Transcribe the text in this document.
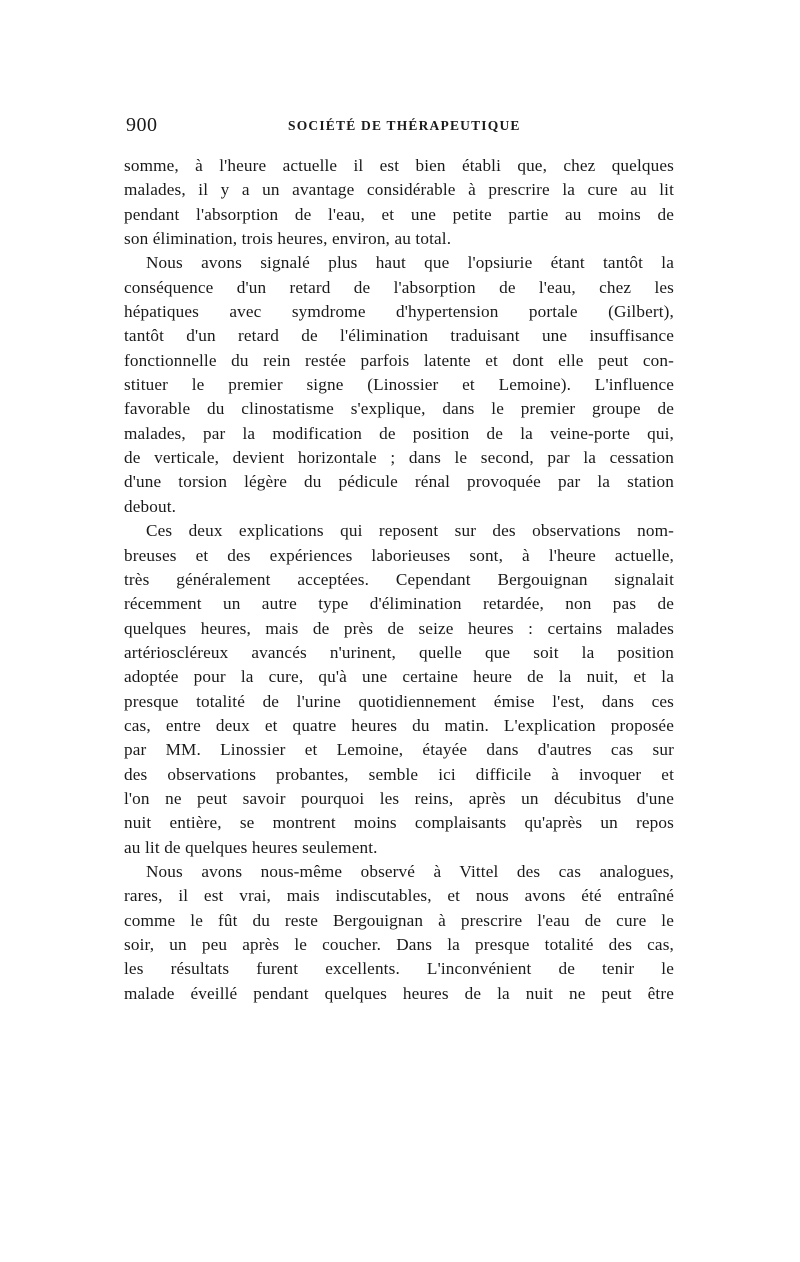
900	SOCIÉTÉ DE THÉRAPEUTIQUE
somme, à l'heure actuelle il est bien établi que, chez quelques
malades, il y a un avantage considérable à prescrire la cure au lit
pendant l'absorption de l'eau, et une petite partie au moins de
son élimination, trois heures, environ, au total.
Nous avons signalé plus haut que l'opsiurie étant tantôt la
conséquence d'un retard de l'absorption de l'eau, chez les
hépatiques avec symdrome d'hypertension portale (Gilbert),
tantôt d'un retard de l'élimination traduisant une insuffisance
fonctionnelle du rein restée parfois latente et dont elle peut con-
stituer le premier signe (Linossier et Lemoine). L'influence
favorable du clinostatisme s'explique, dans le premier groupe de
malades, par la modification de position de la veine-porte qui,
de verticale, devient horizontale ; dans le second, par la cessation
d'une torsion légère du pédicule rénal provoquée par la station
debout.
Ces deux explications qui reposent sur des observations nom-
breuses et des expériences laborieuses sont, à l'heure actuelle,
très généralement acceptées. Cependant Bergouignan signalait
récemment un autre type d'élimination retardée, non pas de
quelques heures, mais de près de seize heures : certains malades
artérioscléreux avancés n'urinent, quelle que soit la position
adoptée pour la cure, qu'à une certaine heure de la nuit, et la
presque totalité de l'urine quotidiennement émise l'est, dans ces
cas, entre deux et quatre heures du matin. L'explication proposée
par MM. Linossier et Lemoine, étayée dans d'autres cas sur
des observations probantes, semble ici difficile à invoquer et
l'on ne peut savoir pourquoi les reins, après un décubitus d'une
nuit entière, se montrent moins complaisants qu'après un repos
au lit de quelques heures seulement.
Nous avons nous-même observé à Vittel des cas analogues,
rares, il est vrai, mais indiscutables, et nous avons été entraîné
comme le fût du reste Bergouignan à prescrire l'eau de cure le
soir, un peu après le coucher. Dans la presque totalité des cas,
les résultats furent excellents. L'inconvénient de tenir le
malade éveillé pendant quelques heures de la nuit ne peut être
